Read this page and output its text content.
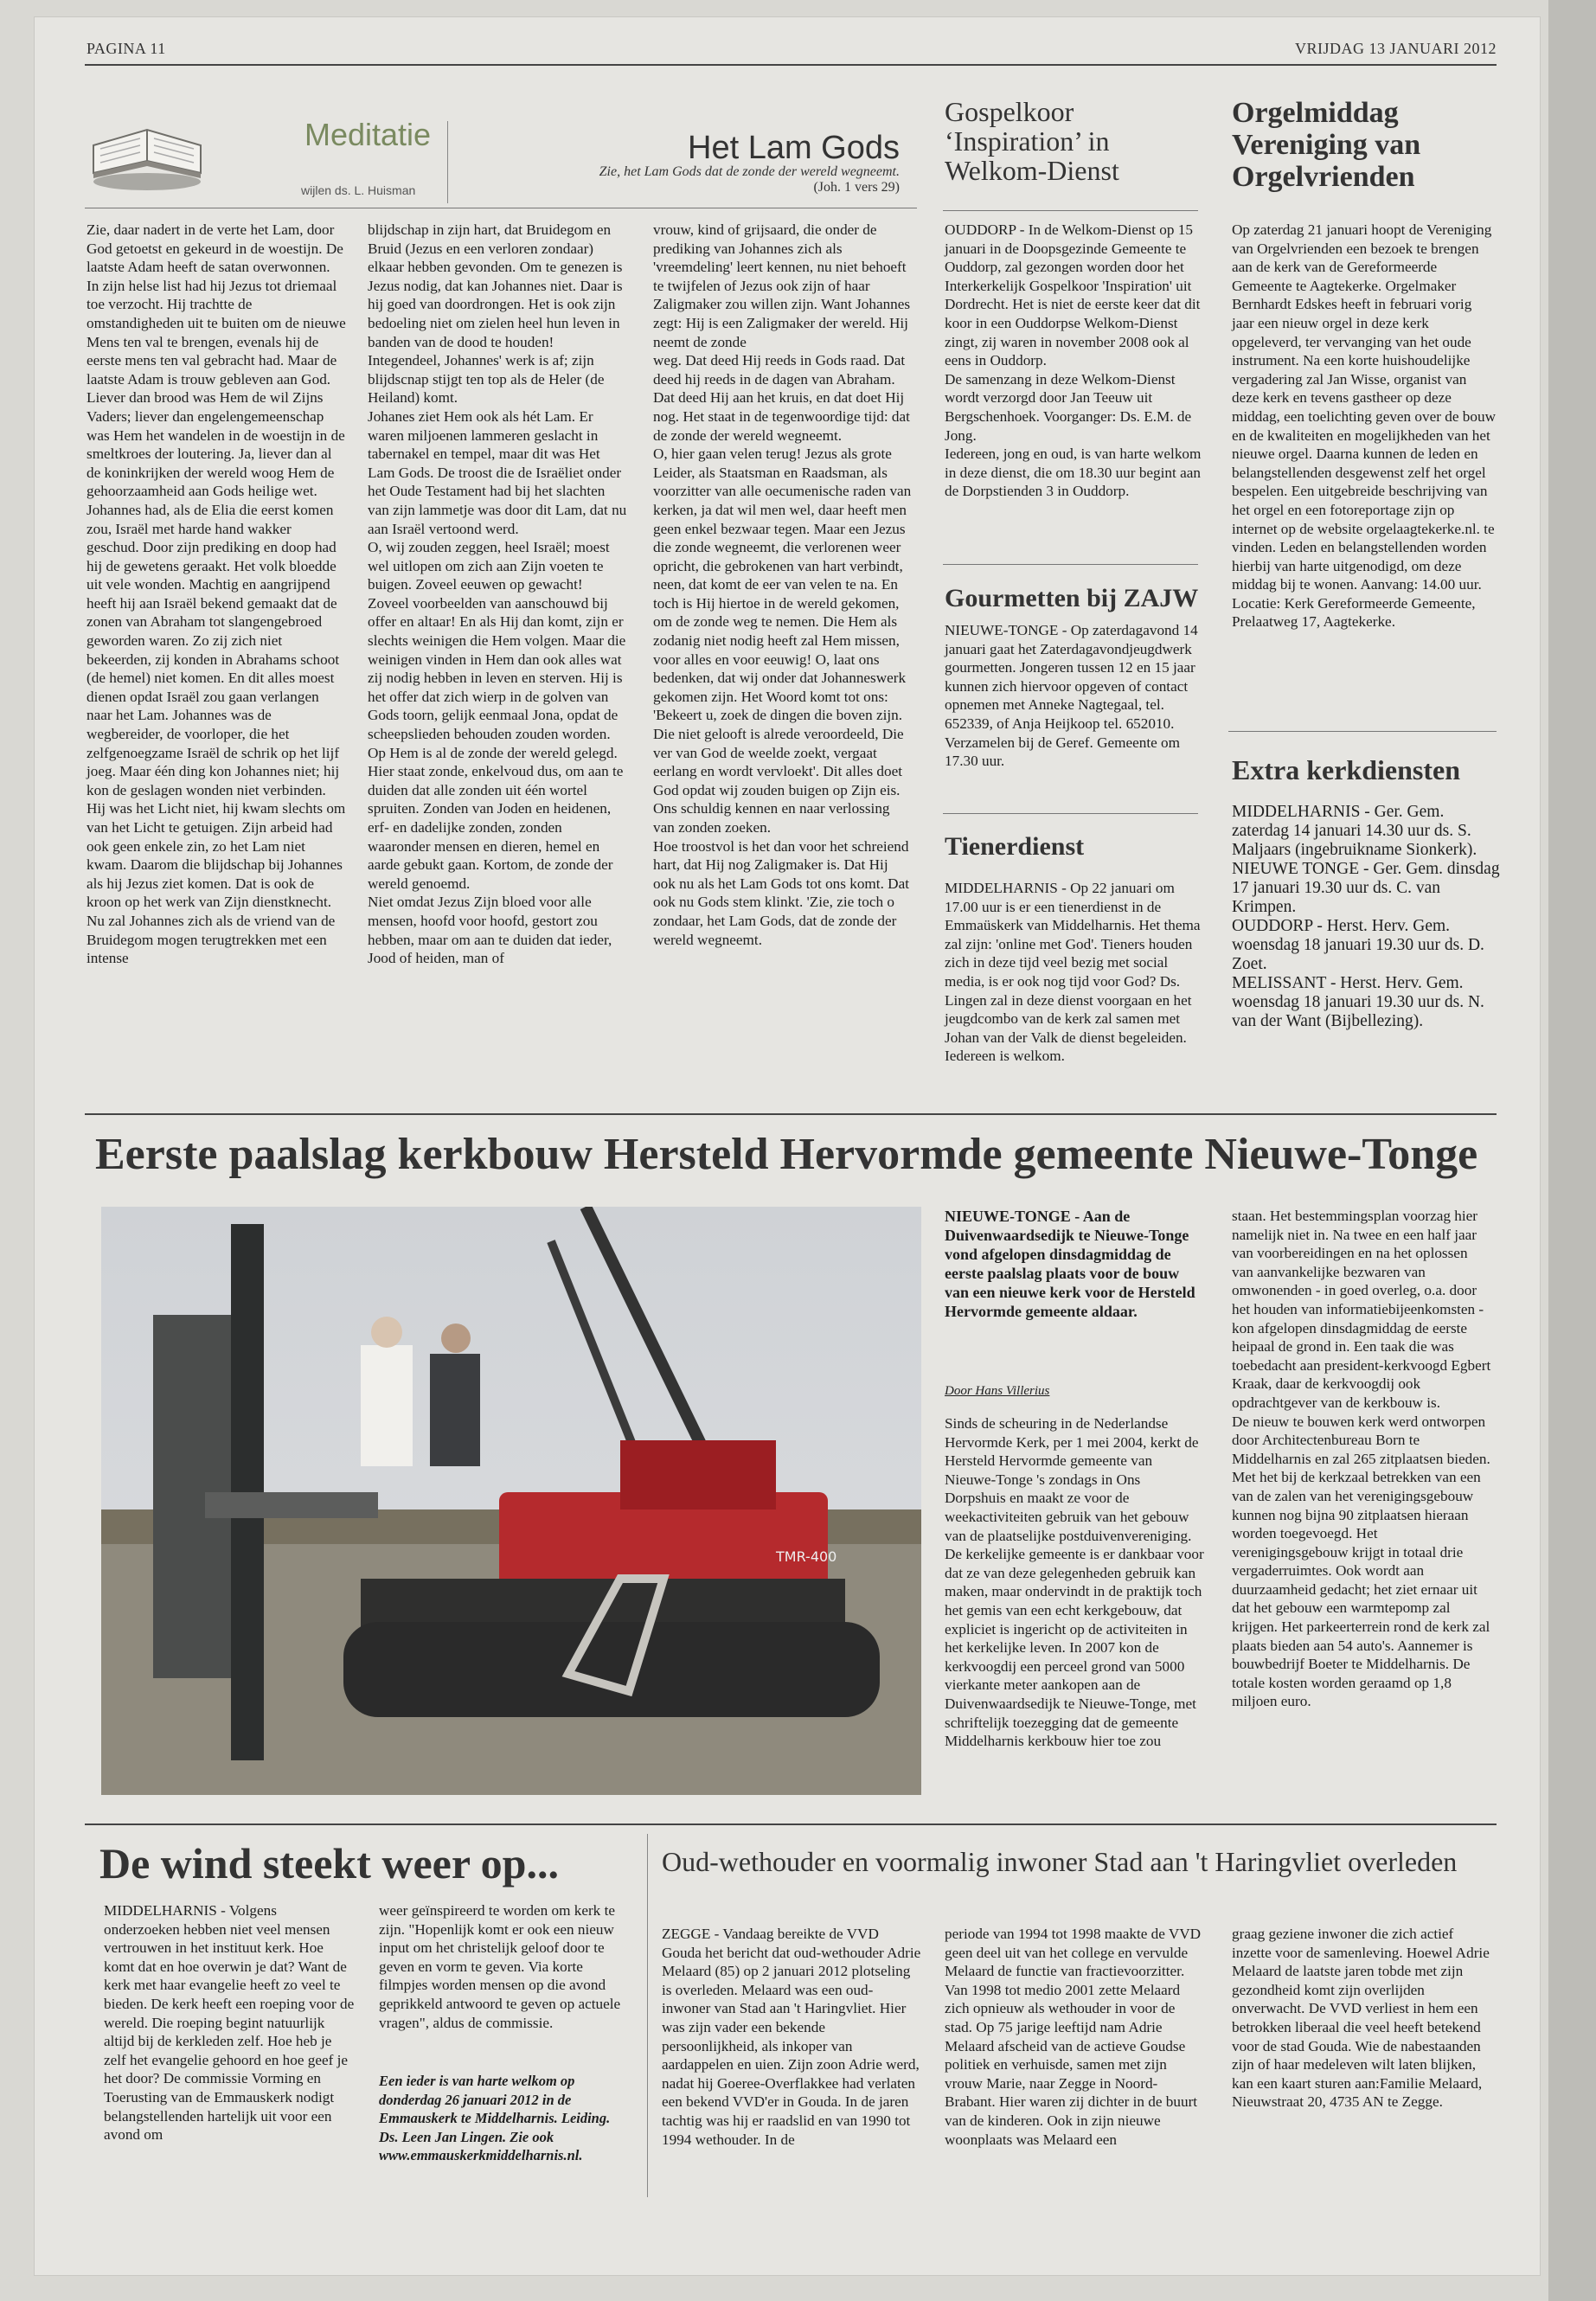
PAGINA 11	VRIJDAG 13 JANUARI 2012
Meditatie
wijlen ds. L. Huisman
Het Lam Gods
Zie, het Lam Gods dat de zonde der wereld wegneemt.
(Joh. 1 vers 29)

Zie, daar nadert in de verte het Lam, door God getoetst en gekeurd in de woestijn. De laatste Adam heeft de satan overwonnen. In zijn helse list had hij Jezus tot driemaal toe verzocht. Hij trachtte de omstandigheden uit te buiten om de nieuwe Mens ten val te brengen, evenals hij de eerste mens ten val gebracht had. Maar de laatste Adam is trouw gebleven aan God. Liever dan brood was Hem de wil Zijns Vaders; liever dan engelengemeenschap was Hem het wandelen in de woestijn in de smeltkroes der loutering. Ja, liever dan al de koninkrijken der wereld woog Hem de gehoorzaamheid aan Gods heilige wet.

Johannes had, als de Elia die eerst komen zou, Israël met harde hand wakker geschud. Door zijn prediking en doop had hij de gewetens geraakt. Het volk bloedde uit vele wonden. Machtig en aangrijpend heeft hij aan Israël bekend gemaakt dat de zonen van Abraham tot slangengebroed geworden waren. Zo zij zich niet bekeerden, zij konden in Abrahams schoot (de hemel) niet komen. En dit alles moest dienen opdat Israël zou gaan verlangen naar het Lam. Johannes was de wegbereider, de voorloper, die het zelfgenoegzame Israël de schrik op het lijf joeg. Maar één ding kon Johannes niet; hij kon de geslagen wonden niet verbinden. Hij was het Licht niet, hij kwam slechts om van het Licht te getuigen. Zijn arbeid had ook geen enkele zin, zo het Lam niet kwam. Daarom die blijdschap bij Johannes als hij Jezus ziet komen. Dat is ook de kroon op het werk van Zijn dienstknecht. Nu zal Johannes zich als de vriend van de Bruidegom mogen terugtrekken met een intense

blijdschap in zijn hart, dat Bruidegom en Bruid (Jezus en een verloren zondaar) elkaar hebben gevonden. Om te genezen is Jezus nodig, dat kan Johannes niet. Daar is hij goed van doordrongen. Het is ook zijn bedoeling niet om zielen heel hun leven in banden van de dood te houden! Integendeel, Johannes' werk is af; zijn blijdscnap stijgt ten top als de Heler (de Heiland) komt.

Johanes ziet Hem ook als hét Lam. Er waren miljoenen lammeren geslacht in tabernakel en tempel, maar dit was Het Lam Gods. De troost die de Israëliet onder het Oude Testament had bij het slachten van zijn lammetje was door dit Lam, dat nu aan Israël vertoond werd.

O, wij zouden zeggen, heel Israël; moest wel uitlopen om zich aan Zijn voeten te buigen. Zoveel eeuwen op gewacht! Zoveel voorbeelden van aanschouwd bij offer en altaar! En als Hij dan komt, zijn er slechts weinigen die Hem volgen. Maar die weinigen vinden in Hem dan ook alles wat zij nodig hebben in leven en sterven. Hij is het offer dat zich wierp in de golven van Gods toorn, gelijk eenmaal Jona, opdat de scheepslieden behouden zouden worden. Op Hem is al de zonde der wereld gelegd.

Hier staat zonde, enkelvoud dus, om aan te duiden dat alle zonden uit één wortel spruiten. Zonden van Joden en heidenen, erf- en dadelijke zonden, zonden waaronder mensen en dieren, hemel en aarde gebukt gaan. Kortom, de zonde der wereld genoemd.

Niet omdat Jezus Zijn bloed voor alle mensen, hoofd voor hoofd, gestort zou hebben, maar om aan te duiden dat ieder, Jood of heiden, man of

vrouw, kind of grijsaard, die onder de prediking van Johannes zich als 'vreemdeling' leert kennen, nu niet behoeft te twijfelen of Jezus ook zijn of haar Zaligmaker zou willen zijn. Want Johannes zegt: Hij is een Zaligmaker der wereld. Hij neemt de zonde

weg. Dat deed Hij reeds in Gods raad. Dat deed hij reeds in de dagen van Abraham. Dat deed Hij aan het kruis, en dat doet Hij nog. Het staat in de tegenwoordige tijd: dat de zonde der wereld wegneemt.

O, hier gaan velen terug! Jezus als grote Leider, als Staatsman en Raadsman, als voorzitter van alle oecumenische raden van kerken, ja dat wil men wel, daar heeft men geen enkel bezwaar tegen. Maar een Jezus die zonde wegneemt, die verlorenen weer opricht, die gebrokenen van hart verbindt, neen, dat komt de eer van velen te na. En toch is Hij hiertoe in de wereld gekomen, om de zonde weg te nemen. Die Hem als zodanig niet nodig heeft zal Hem missen, voor alles en voor eeuwig! O, laat ons bedenken, dat wij onder dat Johanneswerk gekomen zijn. Het Woord komt tot ons: 'Bekeert u, zoek de dingen die boven zijn. Die niet gelooft is alrede veroordeeld, Die ver van God de weelde zoekt, vergaat eerlang en wordt vervloekt'. Dit alles doet God opdat wij zouden buigen op Zijn eis. Ons schuldig kennen en naar verlossing van zonden zoeken.

Hoe troostvol is het dan voor het schreiend hart, dat Hij nog Zaligmaker is. Dat Hij ook nu als het Lam Gods tot ons komt. Dat ook nu Gods stem klinkt. 'Zie, zie toch o zondaar, het Lam Gods, dat de zonde der wereld wegneemt.

Gospelkoor ‘Inspiration’ in Welkom-Dienst

OUDDORP - In de Welkom-Dienst op 15 januari in de Doopsgezinde Gemeente te Ouddorp, zal gezongen worden door het Interkerkelijk Gospelkoor 'Inspiration' uit Dordrecht. Het is niet de eerste keer dat dit koor in een Ouddorpse Welkom-Dienst zingt, zij waren in november 2008 ook al eens in Ouddorp.

De samenzang in deze Welkom-Dienst wordt verzorgd door Jan Teeuw uit Bergschenhoek. Voorganger: Ds. E.M. de Jong.

Iedereen, jong en oud, is van harte welkom in deze dienst, die om 18.30 uur begint aan de Dorpstienden 3 in Ouddorp.

Gourmetten bij ZAJW
NIEUWE-TONGE - Op zaterdagavond 14 januari gaat het Zaterdagavondjeugdwerk gourmetten. Jongeren tussen 12 en 15 jaar kunnen zich hiervoor opgeven of contact opnemen met Anneke Nagtegaal, tel. 652339, of Anja Heijkoop tel. 652010. Verzamelen bij de Geref. Gemeente om 17.30 uur.
Tienerdienst
MIDDELHARNIS - Op 22 januari om 17.00 uur is er een tienerdienst in de Emmaüskerk van Middelharnis. Het thema zal zijn: 'online met God'. Tieners houden zich in deze tijd veel bezig met social media, is er ook nog tijd voor God? Ds. Lingen zal in deze dienst voorgaan en het jeugdcombo van de kerk zal samen met Johan van der Valk de dienst begeleiden. Iedereen is welkom.
Orgelmiddag Vereniging van Orgelvrienden
Op zaterdag 21 januari hoopt de Vereniging van Orgelvrienden een bezoek te brengen aan de kerk van de Gereformeerde Gemeente te Aagtekerke. Orgelmaker Bernhardt Edskes heeft in februari vorig jaar een nieuw orgel in deze kerk opgeleverd, ter vervanging van het oude instrument. Na een korte huishoudelijke vergadering zal Jan Wisse, organist van deze kerk en tevens gastheer op deze middag, een toelichting geven over de bouw en de kwaliteiten en mogelijkheden van het nieuwe orgel. Daarna kunnen de leden en belangstellenden desgewenst zelf het orgel bespelen. Een uitgebreide beschrijving van het orgel en een fotoreportage zijn op internet op de website orgelaagtekerke.nl. te vinden. Leden en belangstellenden worden hierbij van harte uitgenodigd, om deze middag bij te wonen. Aanvang: 14.00 uur. Locatie: Kerk Gereformeerde Gemeente, Prelaatweg 17, Aagtekerke.
Extra kerkdiensten

MIDDELHARNIS - Ger. Gem. zaterdag 14 januari 14.30 uur ds. S. Maljaars (ingebruikname Sionkerk).

NIEUWE TONGE - Ger. Gem. dinsdag 17 januari 19.30 uur ds. C. van Krimpen.

OUDDORP - Herst. Herv. Gem. woensdag 18 januari 19.30 uur ds. D. Zoet.

MELISSANT - Herst. Herv. Gem. woensdag 18 januari 19.30 uur ds. N. van der Want (Bijbellezing).

Eerste paalslag kerkbouw Hersteld Hervormde gemeente Nieuwe-Tonge
TMR-400
NIEUWE-TONGE - Aan de Duivenwaardsedijk te Nieuwe-Tonge vond afgelopen dinsdagmiddag de eerste paalslag plaats voor de bouw van een nieuwe kerk voor de Hersteld Hervormde gemeente aldaar.
Door Hans Villerius
Sinds de scheuring in de Nederlandse Hervormde Kerk, per 1 mei 2004, kerkt de Hersteld Hervormde gemeente van Nieuwe-Tonge 's zondags in Ons Dorpshuis en maakt ze voor de weekactiviteiten gebruik van het gebouw van de plaatselijke postduivenvereniging. De kerkelijke gemeente is er dankbaar voor dat ze van deze gelegenheden gebruik kan maken, maar ondervindt in de praktijk toch het gemis van een echt kerkgebouw, dat expliciet is ingericht op de activiteiten in het kerkelijke leven. In 2007 kon de kerkvoogdij een perceel grond van 5000 vierkante meter aankopen aan de Duivenwaardsedijk te Nieuwe-Tonge, met schriftelijk toezegging dat de gemeente Middelharnis kerkbouw hier toe zou

staan. Het bestemmingsplan voorzag hier namelijk niet in. Na twee en een half jaar van voorbereidingen en na het oplossen van aanvankelijke bezwaren van omwonenden - in goed overleg, o.a. door het houden van informatiebijeenkomsten - kon afgelopen dinsdagmiddag de eerste heipaal de grond in. Een taak die was toebedacht aan president-kerkvoogd Egbert Kraak, daar de kerkvoogdij ook opdrachtgever van de kerkbouw is.

De nieuw te bouwen kerk werd ontworpen door Architectenbureau Born te Middelharnis en zal 265 zitplaatsen bieden. Met het bij de kerkzaal betrekken van een van de zalen van het verenigingsgebouw kunnen nog bijna 90 zitplaatsen hieraan worden toegevoegd. Het verenigingsgebouw krijgt in totaal drie vergaderruimtes. Ook wordt aan duurzaamheid gedacht; het ziet ernaar uit dat het gebouw een warmtepomp zal krijgen. Het parkeerterrein rond de kerk zal plaats bieden aan 54 auto's. Aannemer is bouwbedrijf Boeter te Middelharnis. De totale kosten worden geraamd op 1,8 miljoen euro.

De wind steekt weer op...
MIDDELHARNIS - Volgens onderzoeken hebben niet veel mensen vertrouwen in het instituut kerk. Hoe komt dat en hoe overwin je dat? Want de kerk met haar evangelie heeft zo veel te bieden. De kerk heeft een roeping voor de wereld. Die roeping begint natuurlijk altijd bij de kerkleden zelf. Hoe heb je zelf het evangelie gehoord en hoe geef je het door? De commissie Vorming en Toerusting van de Emmauskerk nodigt belangstellenden hartelijk uit voor een avond om
weer geïnspireerd te worden om kerk te zijn. "Hopenlijk komt er ook een nieuw input om het christelijk geloof door te geven en vorm te geven. Via korte filmpjes worden mensen op die avond geprikkeld antwoord te geven op actuele vragen", aldus de commissie.
Een ieder is van harte welkom op donderdag 26 januari 2012 in de Emmauskerk te Middelharnis. Leiding. Ds. Leen Jan Lingen. Zie ook www.emmauskerkmiddelharnis.nl.
Oud-wethouder en voormalig inwoner Stad aan 't Haringvliet overleden
ZEGGE - Vandaag bereikte de VVD Gouda het bericht dat oud-wethouder Adrie Melaard (85) op 2 januari 2012 plotseling is overleden. Melaard was een oud-inwoner van Stad aan 't Haringvliet. Hier was zijn vader een bekende persoonlijkheid, als inkoper van aardappelen en uien. Zijn zoon Adrie werd, nadat hij Goeree-Overflakkee had verlaten een bekend VVD'er in Gouda. In de jaren tachtig was hij er raadslid en van 1990 tot 1994 wethouder. In de
periode van 1994 tot 1998 maakte de VVD geen deel uit van het college en vervulde Melaard de functie van fractievoorzitter. Van 1998 tot medio 2001 zette Melaard zich opnieuw als wethouder in voor de stad. Op 75 jarige leeftijd nam Adrie Melaard afscheid van de actieve Goudse politiek en verhuisde, samen met zijn vrouw Marie, naar Zegge in Noord-Brabant. Hier waren zij dichter in de buurt van de kinderen. Ook in zijn nieuwe woonplaats was Melaard een
graag geziene inwoner die zich actief inzette voor de samenleving. Hoewel Adrie Melaard de laatste jaren tobde met zijn gezondheid komt zijn overlijden onverwacht. De VVD verliest in hem een betrokken liberaal die veel heeft betekend voor de stad Gouda. Wie de nabestaanden zijn of haar medeleven wilt laten blijken, kan een kaart sturen aan:Familie Melaard, Nieuwstraat 20, 4735 AN te Zegge.
